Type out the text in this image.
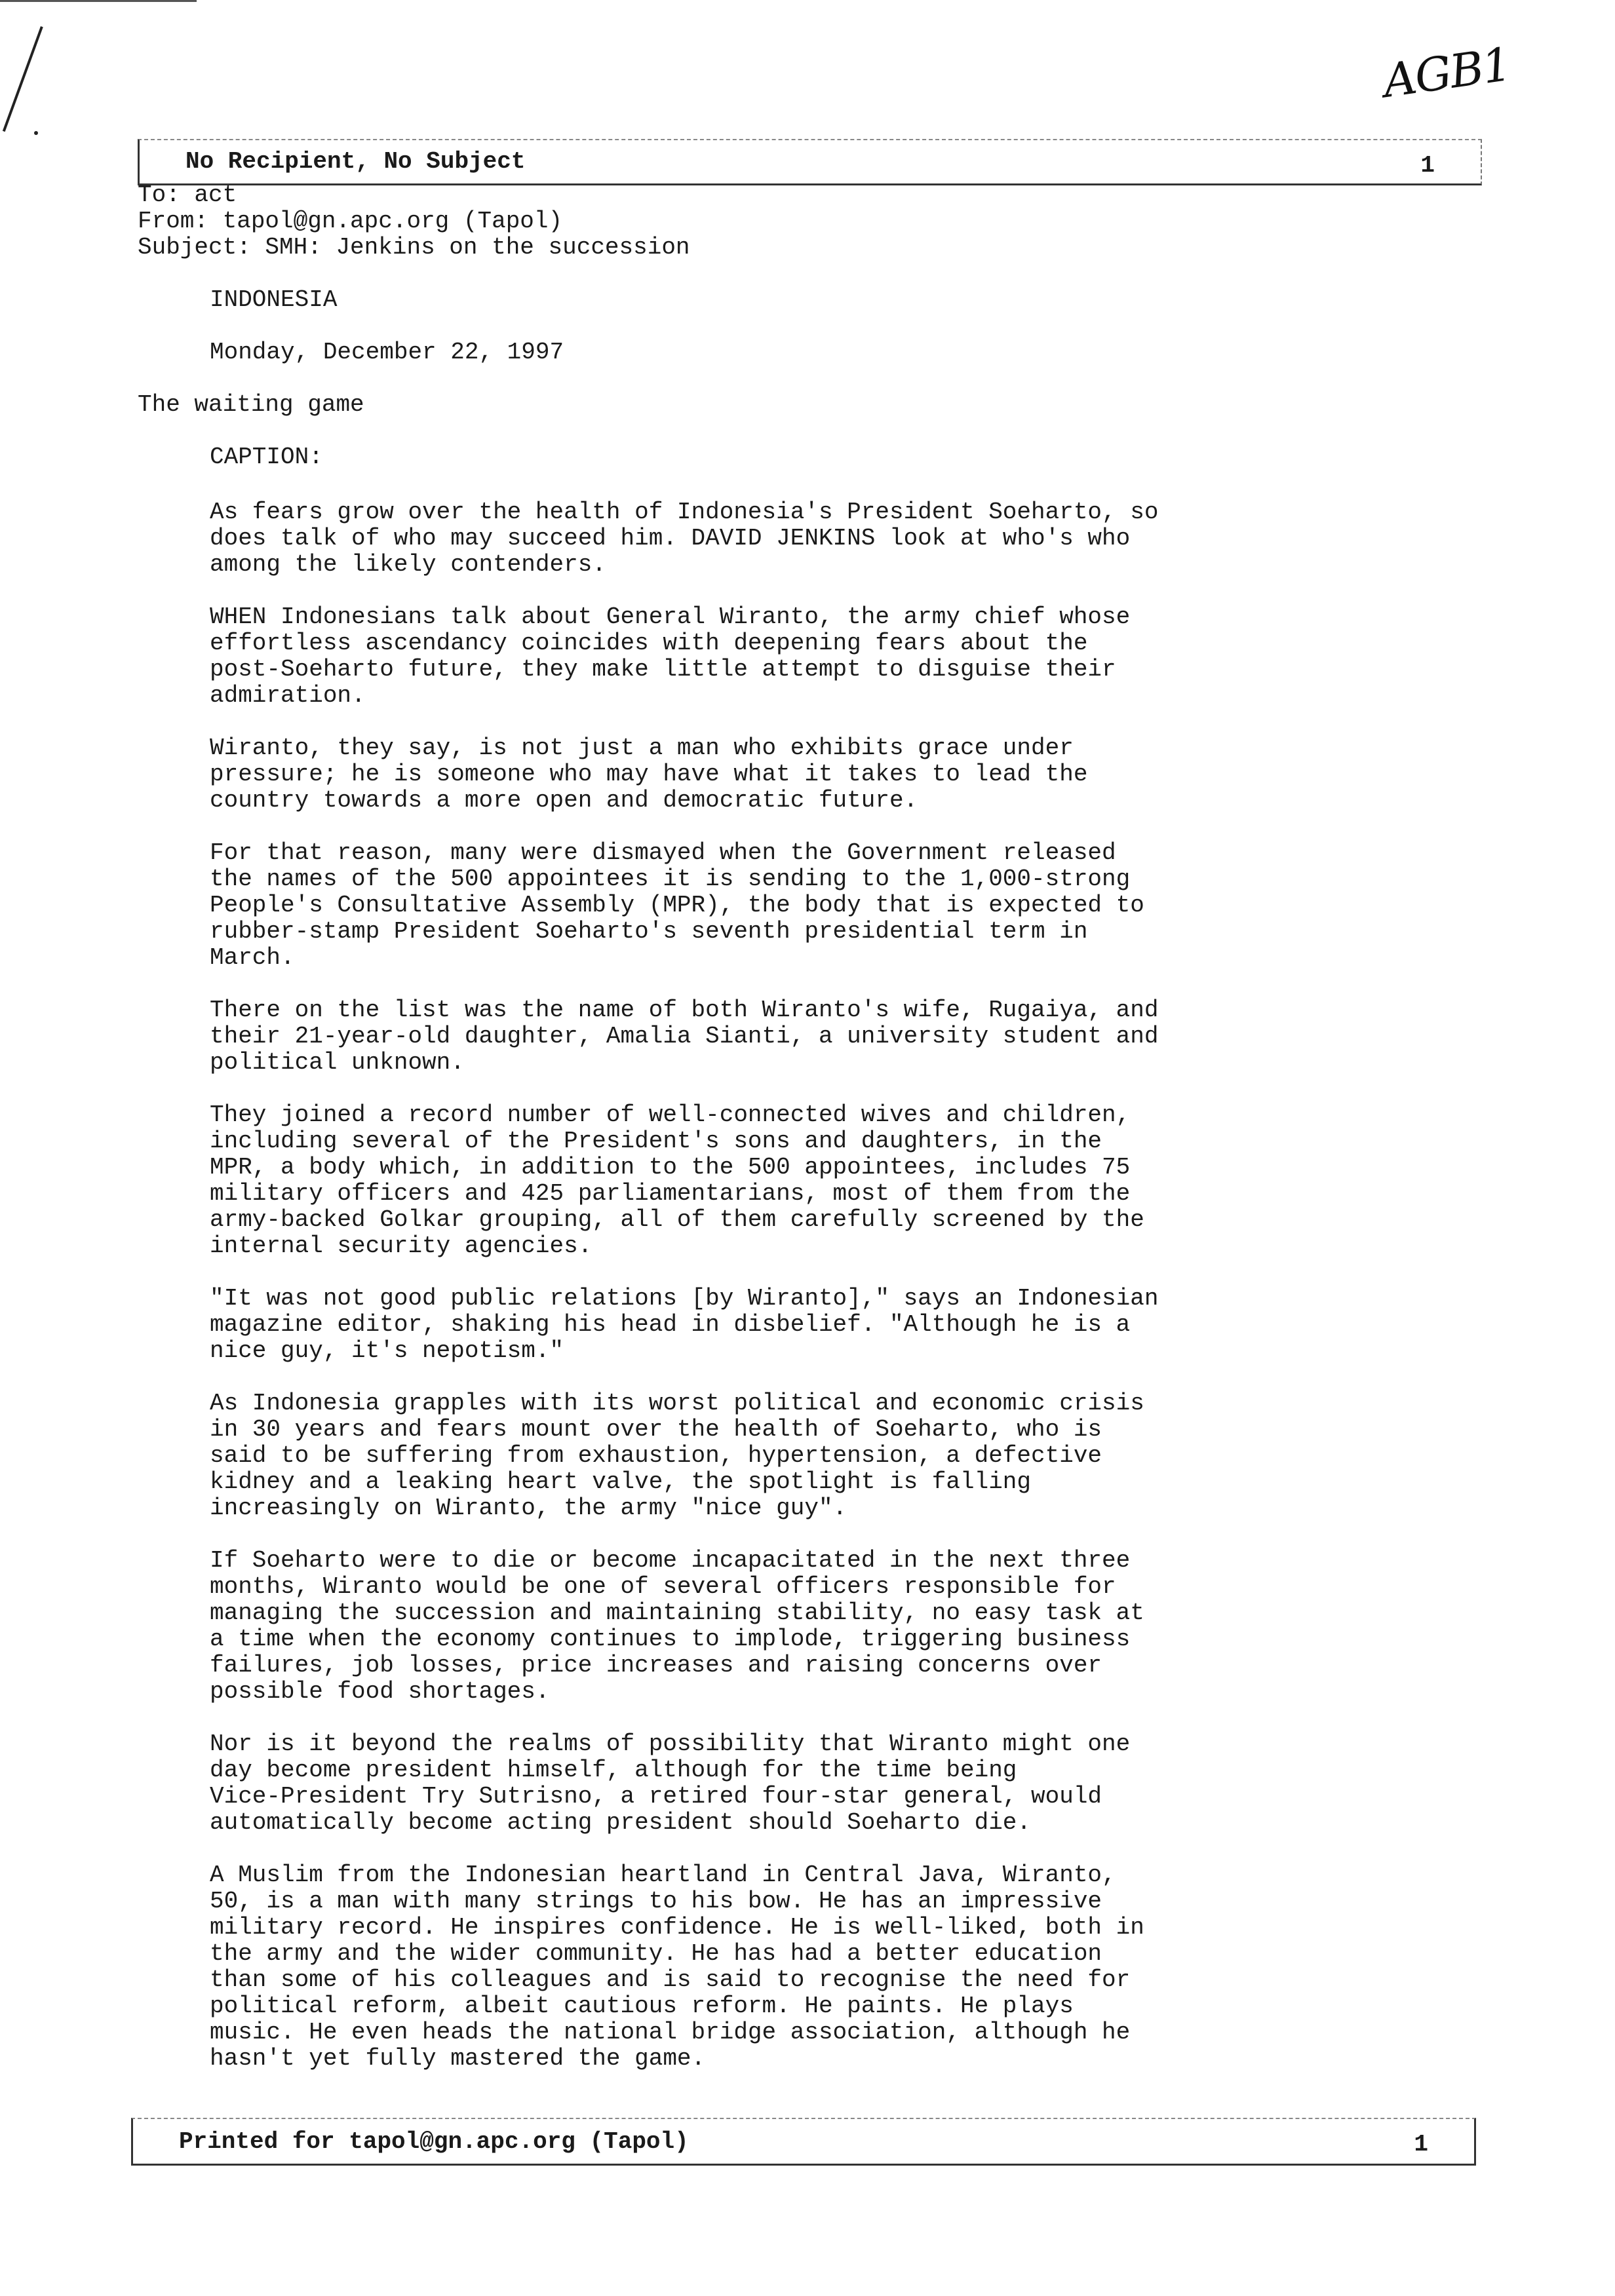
AGB1
No Recipient, No Subject	1
To: act
From: tapol@gn.apc.org (Tapol)
Subject: SMH: Jenkins on the succession
INDONESIA
Monday, December 22, 1997
The waiting game
CAPTION:
As fears grow over the health of Indonesia's President Soeharto, so
does talk of who may succeed him. DAVID JENKINS look at who's who
among the likely contenders.
WHEN Indonesians talk about General Wiranto, the army chief whose
effortless ascendancy coincides with deepening fears about the
post-Soeharto future, they make little attempt to disguise their
admiration.
Wiranto, they say, is not just a man who exhibits grace under
pressure; he is someone who may have what it takes to lead the
country towards a more open and democratic future.
For that reason, many were dismayed when the Government released
the names of the 500 appointees it is sending to the 1,000-strong
People's Consultative Assembly (MPR), the body that is expected to
rubber-stamp President Soeharto's seventh presidential term in
March.
There on the list was the name of both Wiranto's wife, Rugaiya, and
their 21-year-old daughter, Amalia Sianti, a university student and
political unknown.
They joined a record number of well-connected wives and children,
including several of the President's sons and daughters, in the
MPR, a body which, in addition to the 500 appointees, includes 75
military officers and 425 parliamentarians, most of them from the
army-backed Golkar grouping, all of them carefully screened by the
internal security agencies.
"It was not good public relations [by Wiranto]," says an Indonesian
magazine editor, shaking his head in disbelief. "Although he is a
nice guy, it's nepotism."
As Indonesia grapples with its worst political and economic crisis
in 30 years and fears mount over the health of Soeharto, who is
said to be suffering from exhaustion, hypertension, a defective
kidney and a leaking heart valve, the spotlight is falling
increasingly on Wiranto, the army "nice guy".
If Soeharto were to die or become incapacitated in the next three
months, Wiranto would be one of several officers responsible for
managing the succession and maintaining stability, no easy task at
a time when the economy continues to implode, triggering business
failures, job losses, price increases and raising concerns over
possible food shortages.
Nor is it beyond the realms of possibility that Wiranto might one
day become president himself, although for the time being
Vice-President Try Sutrisno, a retired four-star general, would
automatically become acting president should Soeharto die.
A Muslim from the Indonesian heartland in Central Java, Wiranto,
50, is a man with many strings to his bow. He has an impressive
military record. He inspires confidence. He is well-liked, both in
the army and the wider community. He has had a better education
than some of his colleagues and is said to recognise the need for
political reform, albeit cautious reform. He paints. He plays
music. He even heads the national bridge association, although he
hasn't yet fully mastered the game.
Printed for tapol@gn.apc.org (Tapol)	1
